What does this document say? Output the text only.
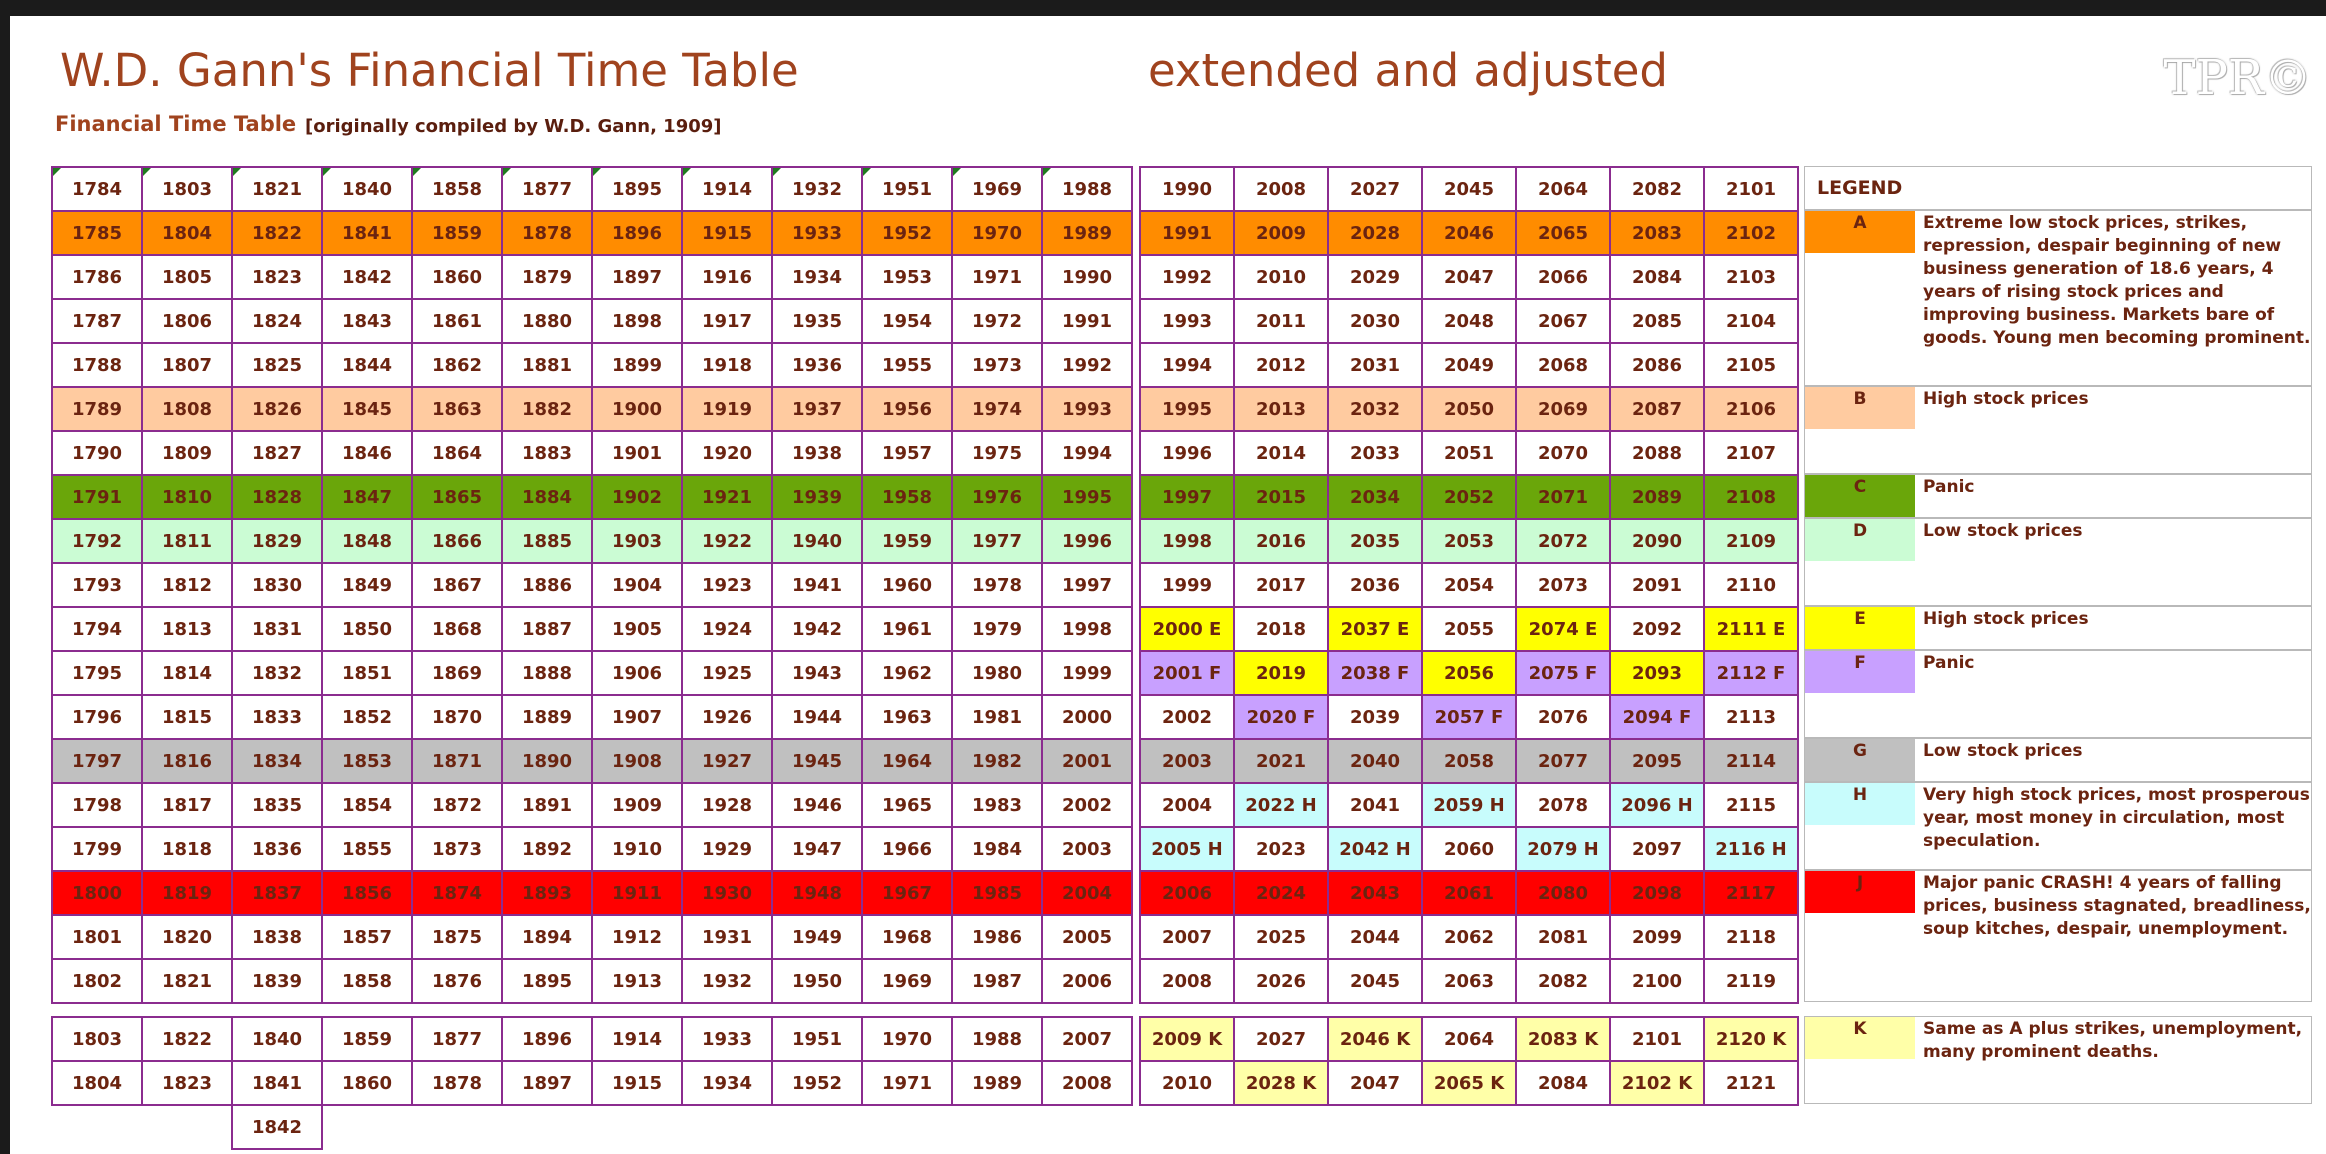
W.D. Gann's Financial Time Table	extended and adjusted
Financial Time Table [originally compiled by W.D. Gann, 1909]
TPR©
1784	1803	1821	1840	1858	1877	1895	1914	1932	1951	1969	1988
1785	1804	1822	1841	1859	1878	1896	1915	1933	1952	1970	1989
1786	1805	1823	1842	1860	1879	1897	1916	1934	1953	1971	1990
1787	1806	1824	1843	1861	1880	1898	1917	1935	1954	1972	1991
1788	1807	1825	1844	1862	1881	1899	1918	1936	1955	1973	1992
1789	1808	1826	1845	1863	1882	1900	1919	1937	1956	1974	1993
1790	1809	1827	1846	1864	1883	1901	1920	1938	1957	1975	1994
1791	1810	1828	1847	1865	1884	1902	1921	1939	1958	1976	1995
1792	1811	1829	1848	1866	1885	1903	1922	1940	1959	1977	1996
1793	1812	1830	1849	1867	1886	1904	1923	1941	1960	1978	1997
1794	1813	1831	1850	1868	1887	1905	1924	1942	1961	1979	1998
1795	1814	1832	1851	1869	1888	1906	1925	1943	1962	1980	1999
1796	1815	1833	1852	1870	1889	1907	1926	1944	1963	1981	2000
1797	1816	1834	1853	1871	1890	1908	1927	1945	1964	1982	2001
1798	1817	1835	1854	1872	1891	1909	1928	1946	1965	1983	2002
1799	1818	1836	1855	1873	1892	1910	1929	1947	1966	1984	2003
1800	1819	1837	1856	1874	1893	1911	1930	1948	1967	1985	2004
1801	1820	1838	1857	1875	1894	1912	1931	1949	1968	1986	2005
1802	1821	1839	1858	1876	1895	1913	1932	1950	1969	1987	2006
1990	2008	2027	2045	2064	2082	2101
1991	2009	2028	2046	2065	2083	2102
1992	2010	2029	2047	2066	2084	2103
1993	2011	2030	2048	2067	2085	2104
1994	2012	2031	2049	2068	2086	2105
1995	2013	2032	2050	2069	2087	2106
1996	2014	2033	2051	2070	2088	2107
1997	2015	2034	2052	2071	2089	2108
1998	2016	2035	2053	2072	2090	2109
1999	2017	2036	2054	2073	2091	2110
2000 E	2018	2037 E	2055	2074 E	2092	2111 E
2001 F	2019	2038 F	2056	2075 F	2093	2112 F
2002	2020 F	2039	2057 F	2076	2094 F	2113
2003	2021	2040	2058	2077	2095	2114
2004	2022 H	2041	2059 H	2078	2096 H	2115
2005 H	2023	2042 H	2060	2079 H	2097	2116 H
2006	2024	2043	2061	2080	2098	2117
2007	2025	2044	2062	2081	2099	2118
2008	2026	2045	2063	2082	2100	2119
1803	1822	1840	1859	1877	1896	1914	1933	1951	1970	1988	2007
1804	1823	1841	1860	1878	1897	1915	1934	1952	1971	1989	2008
1842
2009 K	2027	2046 K	2064	2083 K	2101	2120 K
2010	2028 K	2047	2065 K	2084	2102 K	2121
LEGEND
A	Extreme low stock prices, strikes, repression, despair beginning of new business generation of 18.6 years, 4 years of rising stock prices and improving business. Markets bare of goods. Young men becoming prominent.
B	High stock prices
C	Panic
D	Low stock prices
E	High stock prices
F	Panic
G	Low stock prices
H	Very high stock prices, most prosperous year, most money in circulation, most speculation.
J	Major panic CRASH! 4 years of falling prices, business stagnated, breadliness, soup kitches, despair, unemployment.
K	Same as A plus strikes, unemployment, many prominent deaths.
